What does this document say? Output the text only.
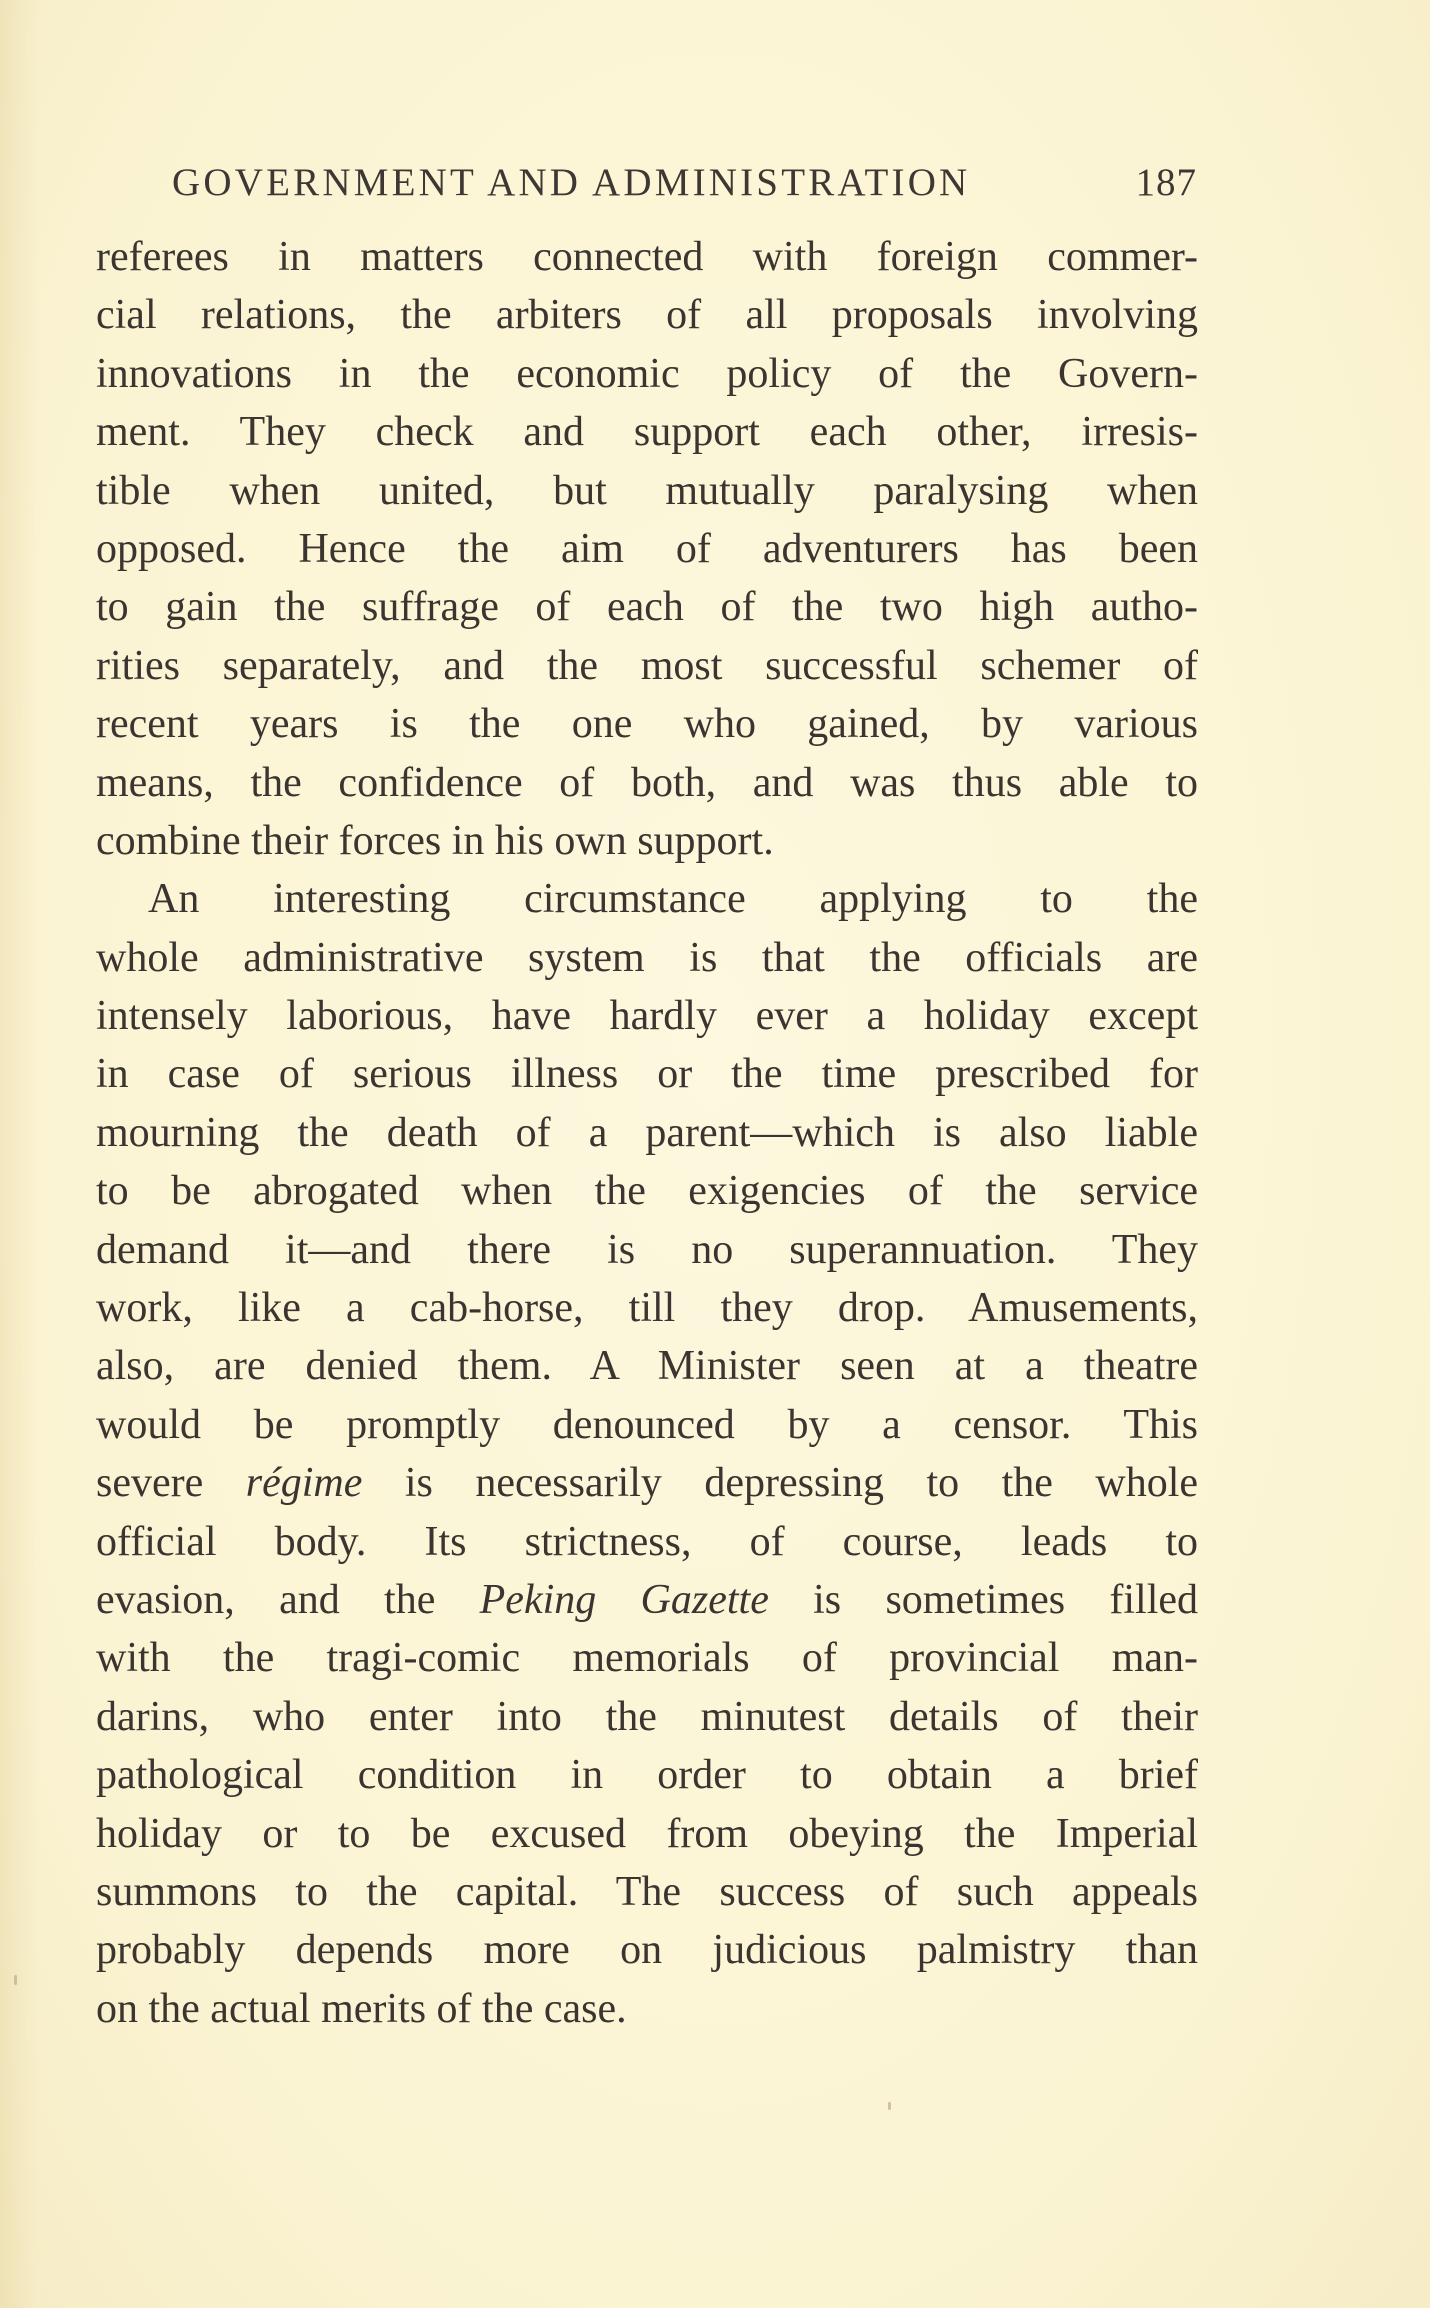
GOVERNMENT AND ADMINISTRATION	187
referees in matters connected with foreign commer-
cial relations, the arbiters of all proposals involving
innovations in the economic policy of the Govern-
ment. They check and support each other, irresis-
tible when united, but mutually paralysing when
opposed. Hence the aim of adventurers has been
to gain the suffrage of each of the two high autho-
rities separately, and the most successful schemer of
recent years is the one who gained, by various
means, the confidence of both, and was thus able to
combine their forces in his own support.
An interesting circumstance applying to the
whole administrative system is that the officials are
intensely laborious, have hardly ever a holiday except
in case of serious illness or the time prescribed for
mourning the death of a parent—which is also liable
to be abrogated when the exigencies of the service
demand it—and there is no superannuation. They
work, like a cab-horse, till they drop. Amusements,
also, are denied them. A Minister seen at a theatre
would be promptly denounced by a censor. This
severe régime is necessarily depressing to the whole
official body. Its strictness, of course, leads to
evasion, and the Peking Gazette is sometimes filled
with the tragi-comic memorials of provincial man-
darins, who enter into the minutest details of their
pathological condition in order to obtain a brief
holiday or to be excused from obeying the Imperial
summons to the capital. The success of such appeals
probably depends more on judicious palmistry than
on the actual merits of the case.
